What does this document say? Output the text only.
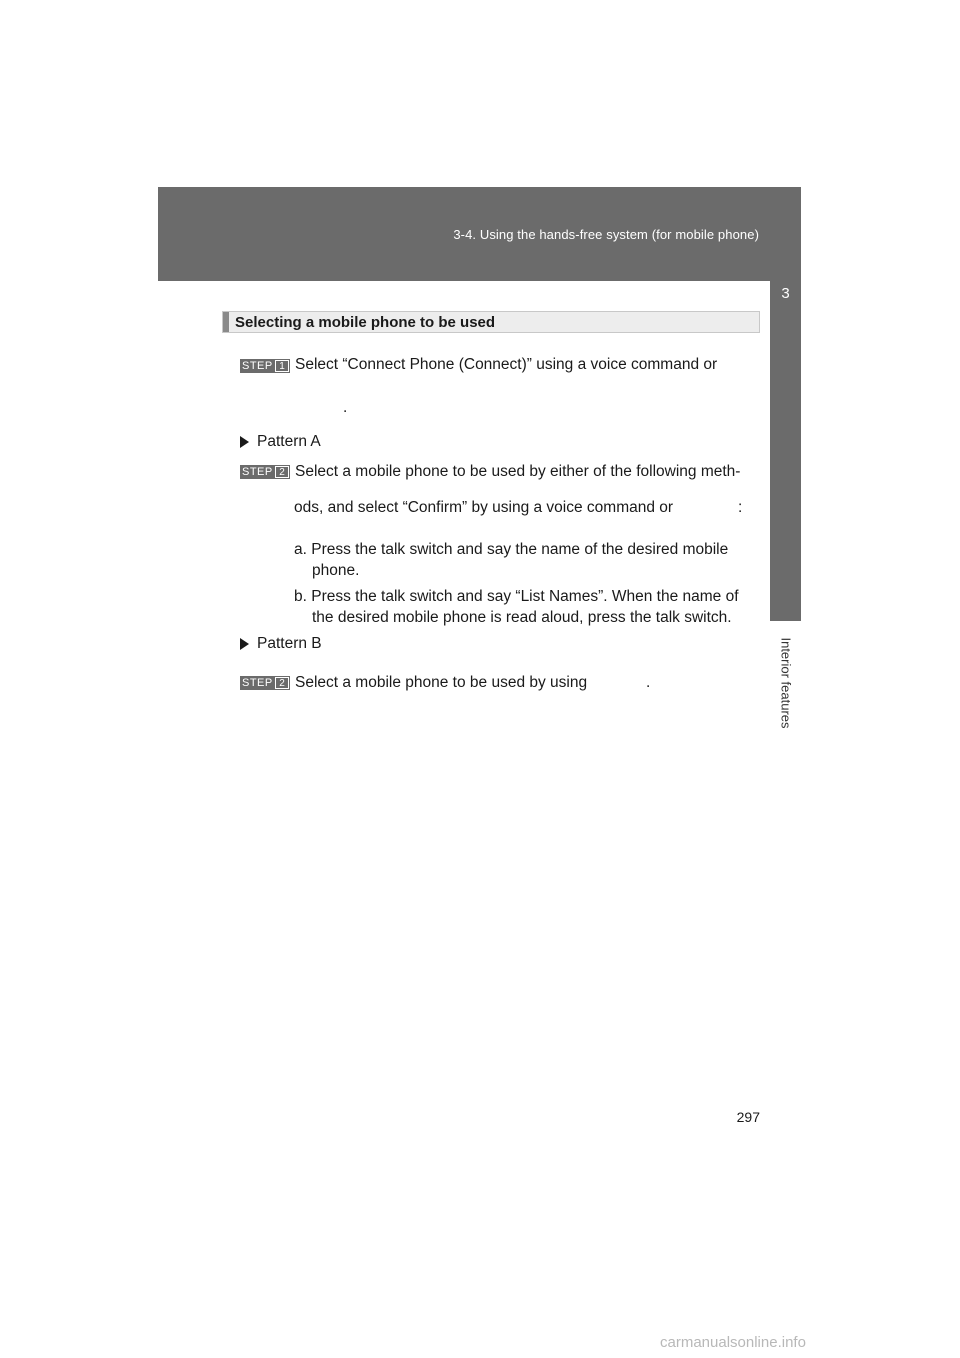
3-4. Using the hands-free system (for mobile phone)
3
Interior features
Selecting a mobile phone to be used
STEP 1 Select “Connect Phone (Connect)” using a voice command or
.
Pattern A
STEP 2 Select a mobile phone to be used by either of the following meth-
ods, and select “Confirm” by using a voice command or	:
a. Press the talk switch and say the name of the desired mobile
phone.
b. Press the talk switch and say “List Names”. When the name of
the desired mobile phone is read aloud, press the talk switch.
Pattern B
STEP 2 Select a mobile phone to be used by using	.
297
carmanualsonline.info
